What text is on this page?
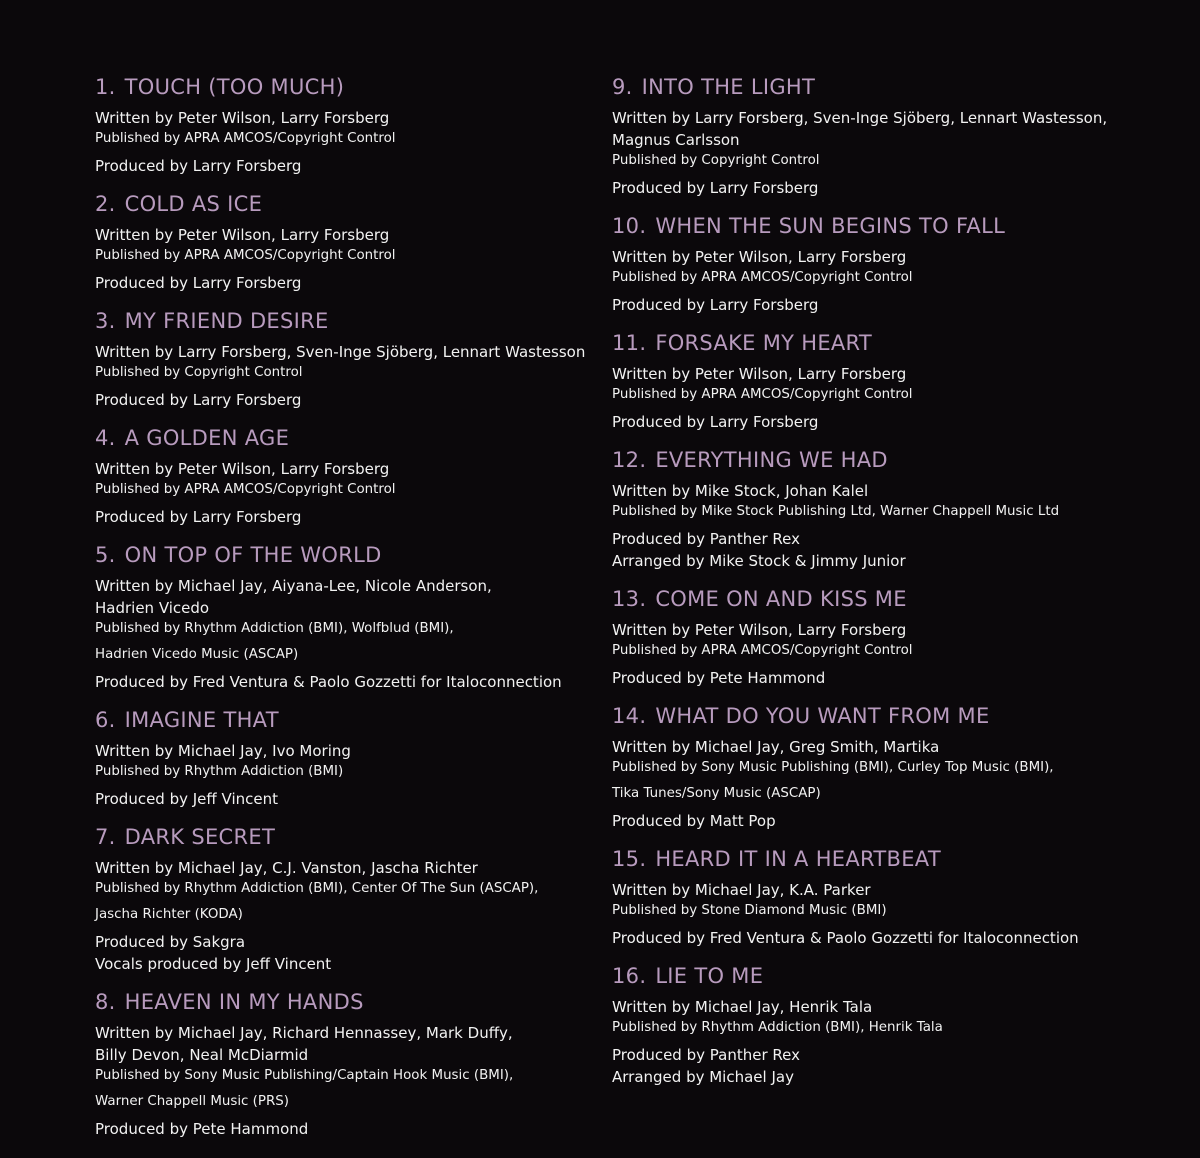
1. TOUCH (TOO MUCH)
Written by Peter Wilson, Larry Forsberg
Published by APRA AMCOS/Copyright Control
Produced by Larry Forsberg
2. COLD AS ICE
Written by Peter Wilson, Larry Forsberg
Published by APRA AMCOS/Copyright Control
Produced by Larry Forsberg
3. MY FRIEND DESIRE
Written by Larry Forsberg, Sven-Inge Sjöberg, Lennart Wastesson
Published by Copyright Control
Produced by Larry Forsberg
4. A GOLDEN AGE
Written by Peter Wilson, Larry Forsberg
Published by APRA AMCOS/Copyright Control
Produced by Larry Forsberg
5. ON TOP OF THE WORLD
Written by Michael Jay, Aiyana-Lee, Nicole Anderson,
Hadrien Vicedo
Published by Rhythm Addiction (BMI), Wolfblud (BMI),
Hadrien Vicedo Music (ASCAP)
Produced by Fred Ventura & Paolo Gozzetti for Italoconnection
6. IMAGINE THAT
Written by Michael Jay, Ivo Moring
Published by Rhythm Addiction (BMI)
Produced by Jeff Vincent
7. DARK SECRET
Written by Michael Jay, C.J. Vanston, Jascha Richter
Published by Rhythm Addiction (BMI), Center Of The Sun (ASCAP),
Jascha Richter (KODA)
Produced by Sakgra
Vocals produced by Jeff Vincent
8. HEAVEN IN MY HANDS
Written by Michael Jay, Richard Hennassey, Mark Duffy,
Billy Devon, Neal McDiarmid
Published by Sony Music Publishing/Captain Hook Music (BMI),
Warner Chappell Music (PRS)
Produced by Pete Hammond
9. INTO THE LIGHT
Written by Larry Forsberg, Sven-Inge Sjöberg, Lennart Wastesson,
Magnus Carlsson
Published by Copyright Control
Produced by Larry Forsberg
10. WHEN THE SUN BEGINS TO FALL
Written by Peter Wilson, Larry Forsberg
Published by APRA AMCOS/Copyright Control
Produced by Larry Forsberg
11. FORSAKE MY HEART
Written by Peter Wilson, Larry Forsberg
Published by APRA AMCOS/Copyright Control
Produced by Larry Forsberg
12. EVERYTHING WE HAD
Written by Mike Stock, Johan Kalel
Published by Mike Stock Publishing Ltd, Warner Chappell Music Ltd
Produced by Panther Rex
Arranged by Mike Stock & Jimmy Junior
13. COME ON AND KISS ME
Written by Peter Wilson, Larry Forsberg
Published by APRA AMCOS/Copyright Control
Produced by Pete Hammond
14. WHAT DO YOU WANT FROM ME
Written by Michael Jay, Greg Smith, Martika
Published by Sony Music Publishing (BMI), Curley Top Music (BMI),
Tika Tunes/Sony Music (ASCAP)
Produced by Matt Pop
15. HEARD IT IN A HEARTBEAT
Written by Michael Jay, K.A. Parker
Published by Stone Diamond Music (BMI)
Produced by Fred Ventura & Paolo Gozzetti for Italoconnection
16. LIE TO ME
Written by Michael Jay, Henrik Tala
Published by Rhythm Addiction (BMI), Henrik Tala
Produced by Panther Rex
Arranged by Michael Jay
